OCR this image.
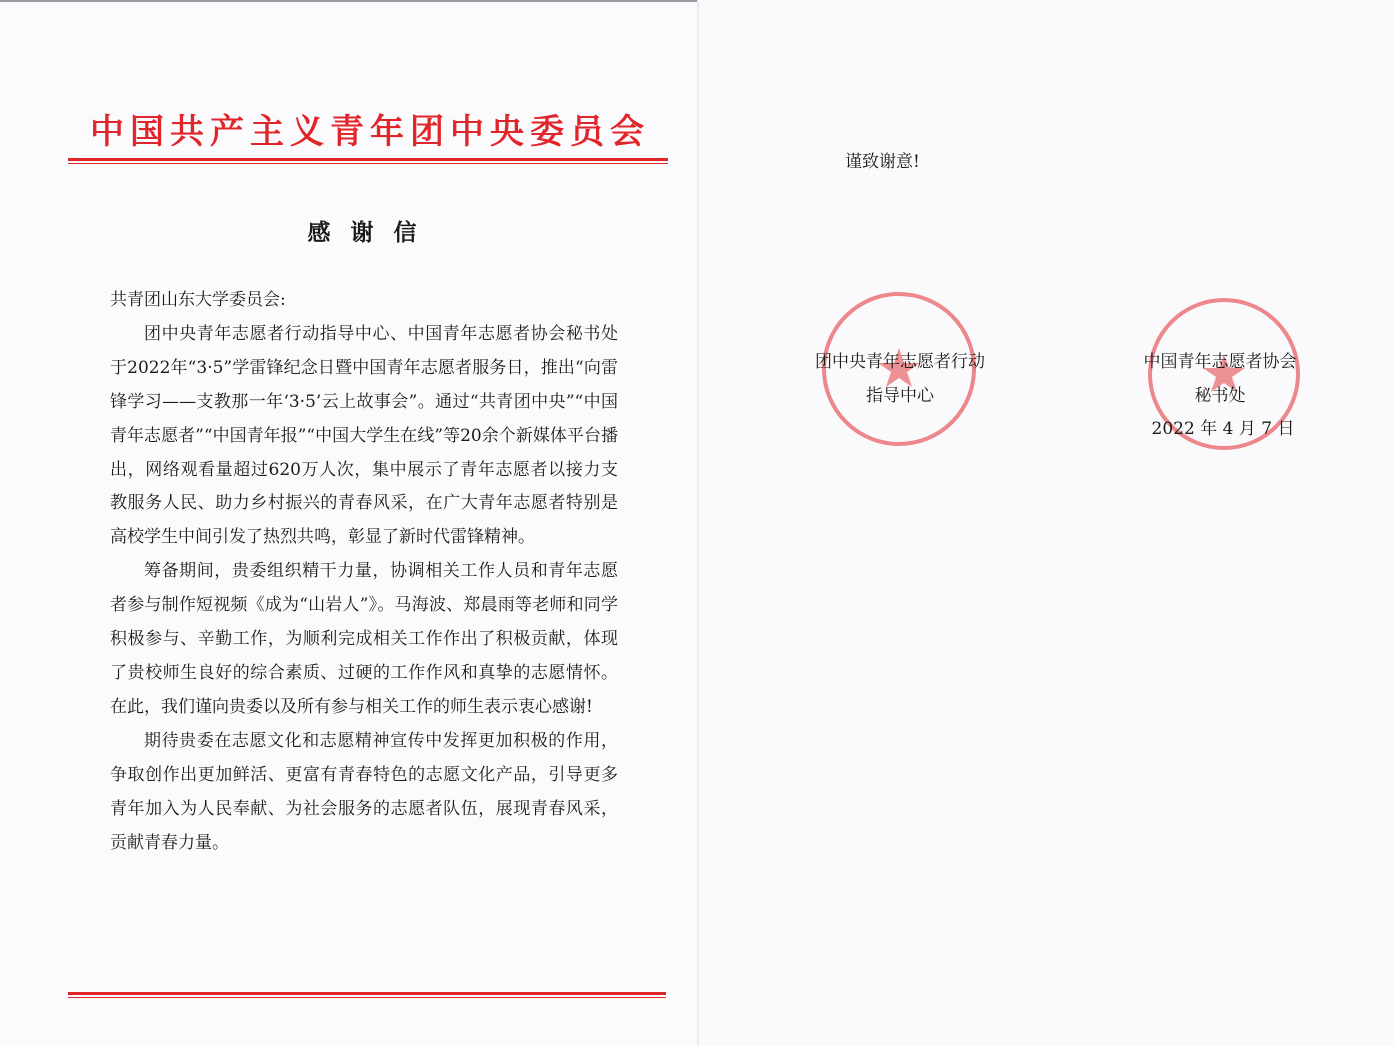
中国共产主义青年团中央委员会
感 谢 信

共青团山东大学委员会:

团中央青年志愿者行动指导中心、中国青年志愿者协会秘书处于2022年“3·5”学雷锋纪念日暨中国青年志愿者服务日，推出“向雷锋学习——支教那一年‘3·5’云上故事会”。通过“共青团中央”“中国青年志愿者”“中国青年报”“中国大学生在线”等20余个新媒体平台播出，网络观看量超过620万人次，集中展示了青年志愿者以接力支教服务人民、助力乡村振兴的青春风采，在广大青年志愿者特别是高校学生中间引发了热烈共鸣，彰显了新时代雷锋精神。

筹备期间，贵委组织精干力量，协调相关工作人员和青年志愿者参与制作短视频《成为“山岩人”》。马海波、郑晨雨等老师和同学积极参与、辛勤工作，为顺利完成相关工作作出了积极贡献，体现了贵校师生良好的综合素质、过硬的工作作风和真挚的志愿情怀。在此，我们谨向贵委以及所有参与相关工作的师生表示衷心感谢!

期待贵委在志愿文化和志愿精神宣传中发挥更加积极的作用，争取创作出更加鲜活、更富有青春特色的志愿文化产品，引导更多青年加入为人民奉献、为社会服务的志愿者队伍，展现青春风采，贡献青春力量。

谨致谢意!
团中央青年志愿者行动
指导中心
中国青年志愿者协会
秘书处
2022 年 4 月 7 日
